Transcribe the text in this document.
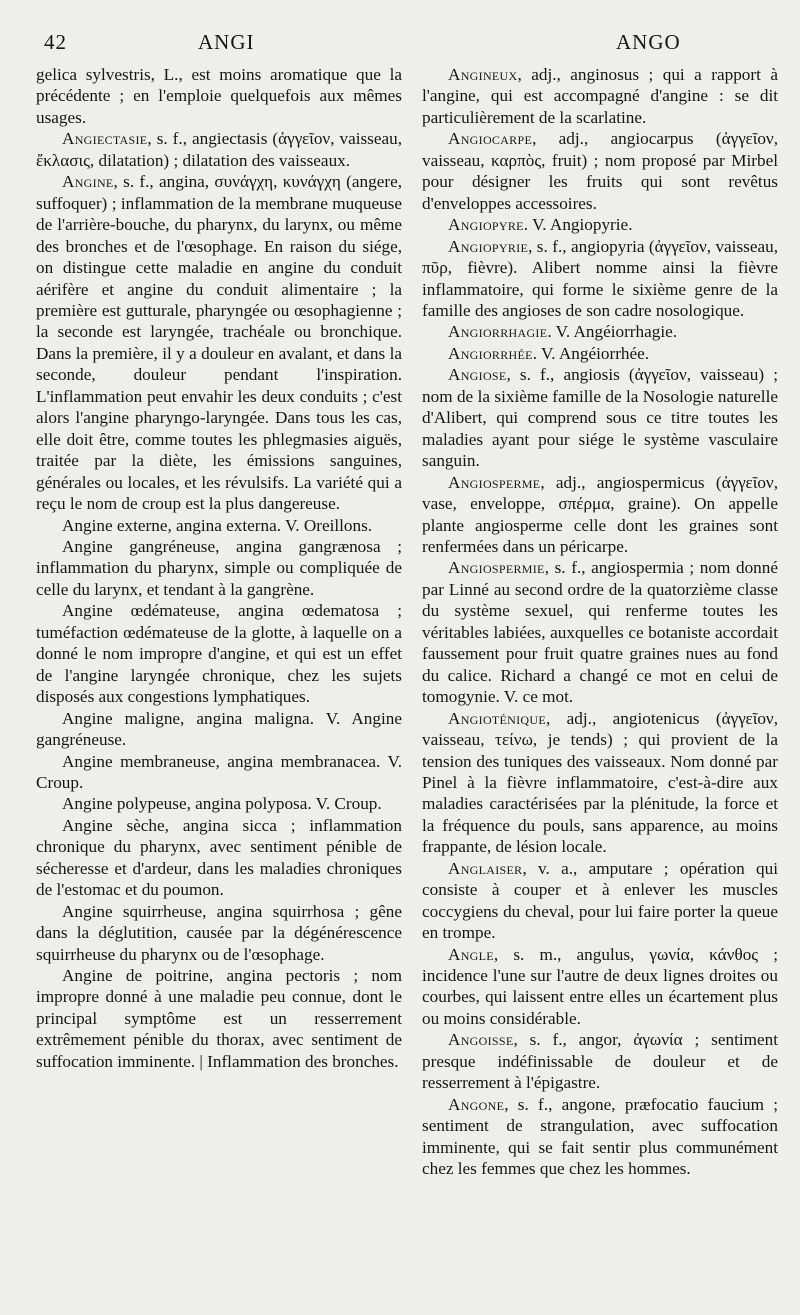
42	ANGI	ANGO

gelica sylvestris, L., est moins aromatique que la précédente ; en l'emploie quelquefois aux mêmes usages.

Angiectasie, s. f., angiectasis (ἀγγεῖον, vaisseau, ἔκλασις, dilatation) ; dilatation des vaisseaux.

Angine, s. f., angina, συνάγχη, κυνάγχη (angere, suffoquer) ; inflammation de la membrane muqueuse de l'arrière-bouche, du pharynx, du larynx, ou même des bronches et de l'œsophage. En raison du siége, on distingue cette maladie en angine du conduit aérifère et angine du conduit alimentaire ; la première est gutturale, pharyngée ou œsophagienne ; la seconde est laryngée, trachéale ou bronchique. Dans la première, il y a douleur en avalant, et dans la seconde, douleur pendant l'inspiration. L'inflammation peut envahir les deux conduits ; c'est alors l'angine pharyngo-laryngée. Dans tous les cas, elle doit être, comme toutes les phlegmasies aiguës, traitée par la diète, les émissions sanguines, générales ou locales, et les révulsifs. La variété qui a reçu le nom de croup est la plus dangereuse.

Angine externe, angina externa. V. Oreillons.

Angine gangréneuse, angina gangrænosa ; inflammation du pharynx, simple ou compliquée de celle du larynx, et tendant à la gangrène.

Angine œdémateuse, angina œdematosa ; tuméfaction œdémateuse de la glotte, à laquelle on a donné le nom impropre d'angine, et qui est un effet de l'angine laryngée chronique, chez les sujets disposés aux congestions lymphatiques.

Angine maligne, angina maligna. V. Angine gangréneuse.

Angine membraneuse, angina membranacea. V. Croup.

Angine polypeuse, angina polyposa. V. Croup.

Angine sèche, angina sicca ; inflammation chronique du pharynx, avec sentiment pénible de sécheresse et d'ardeur, dans les maladies chroniques de l'estomac et du poumon.

Angine squirrheuse, angina squirrhosa ; gêne dans la déglutition, causée par la dégénérescence squirrheuse du pharynx ou de l'œsophage.

Angine de poitrine, angina pectoris ; nom impropre donné à une maladie peu connue, dont le principal symptôme est un resserrement extrêmement pénible du thorax, avec sentiment de suffocation imminente. | Inflammation des bronches.

Angineux, adj., anginosus ; qui a rapport à l'angine, qui est accompagné d'angine : se dit particulièrement de la scarlatine.

Angiocarpe, adj., angiocarpus (ἀγγεῖον, vaisseau, καρπὸς, fruit) ; nom proposé par Mirbel pour désigner les fruits qui sont revêtus d'enveloppes accessoires.

Angiopyre. V. Angiopyrie.

Angiopyrie, s. f., angiopyria (ἀγγεῖον, vaisseau, πῦρ, fièvre). Alibert nomme ainsi la fièvre inflammatoire, qui forme le sixième genre de la famille des angioses de son cadre nosologique.

Angiorrhagie. V. Angéiorrhagie.

Angiorrhée. V. Angéiorrhée.

Angiose, s. f., angiosis (ἀγγεῖον, vaisseau) ; nom de la sixième famille de la Nosologie naturelle d'Alibert, qui comprend sous ce titre toutes les maladies ayant pour siége le système vasculaire sanguin.

Angiosperme, adj., angiospermicus (ἀγγεῖον, vase, enveloppe, σπέρμα, graine). On appelle plante angiosperme celle dont les graines sont renfermées dans un péricarpe.

Angiospermie, s. f., angiospermia ; nom donné par Linné au second ordre de la quatorzième classe du système sexuel, qui renferme toutes les véritables labiées, auxquelles ce botaniste accordait faussement pour fruit quatre graines nues au fond du calice. Richard a changé ce mot en celui de tomogynie. V. ce mot.

Angioténique, adj., angiotenicus (ἀγγεῖον, vaisseau, τείνω, je tends) ; qui provient de la tension des tuniques des vaisseaux. Nom donné par Pinel à la fièvre inflammatoire, c'est-à-dire aux maladies caractérisées par la plénitude, la force et la fréquence du pouls, sans apparence, au moins frappante, de lésion locale.

Anglaiser, v. a., amputare ; opération qui consiste à couper et à enlever les muscles coccygiens du cheval, pour lui faire porter la queue en trompe.

Angle, s. m., angulus, γωνία, κάνθος ; incidence l'une sur l'autre de deux lignes droites ou courbes, qui laissent entre elles un écartement plus ou moins considérable.

Angoisse, s. f., angor, ἀγωνία ; sentiment presque indéfinissable de douleur et de resserrement à l'épigastre.

Angone, s. f., angone, præfocatio faucium ; sentiment de strangulation, avec suffocation imminente, qui se fait sentir plus communément chez les femmes que chez les hommes.
